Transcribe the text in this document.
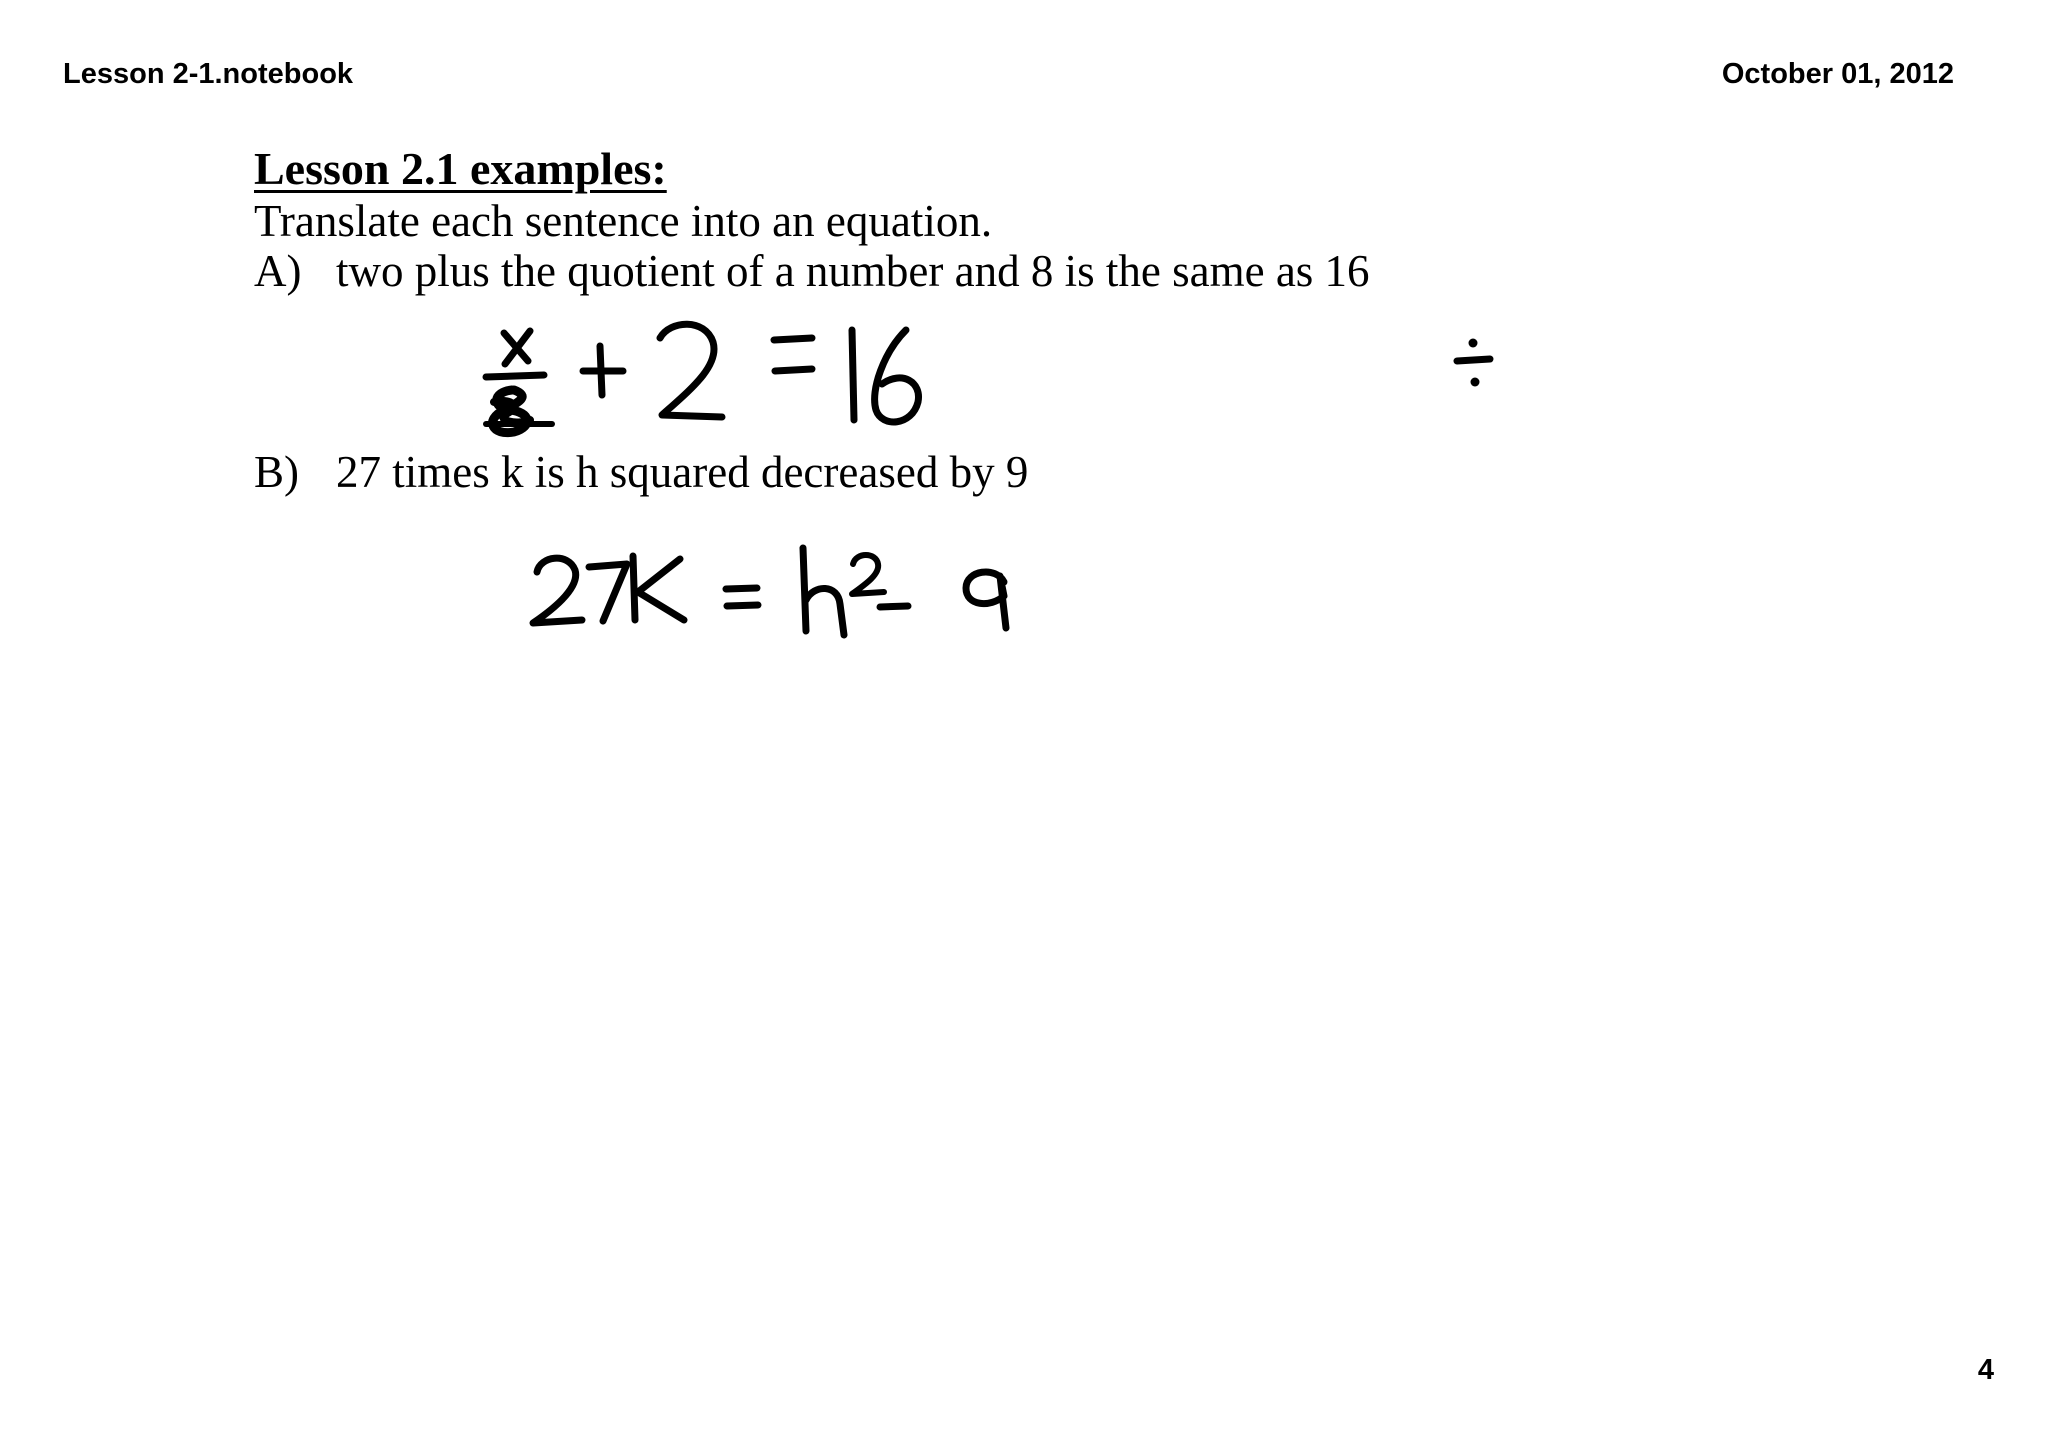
Lesson 2-1.notebook	October 01, 2012
Lesson 2.1 examples:
Translate each sentence into an equation.
A) two plus the quotient of a number and 8 is the same as 16
B) 27 times k is h squared decreased by 9
4
